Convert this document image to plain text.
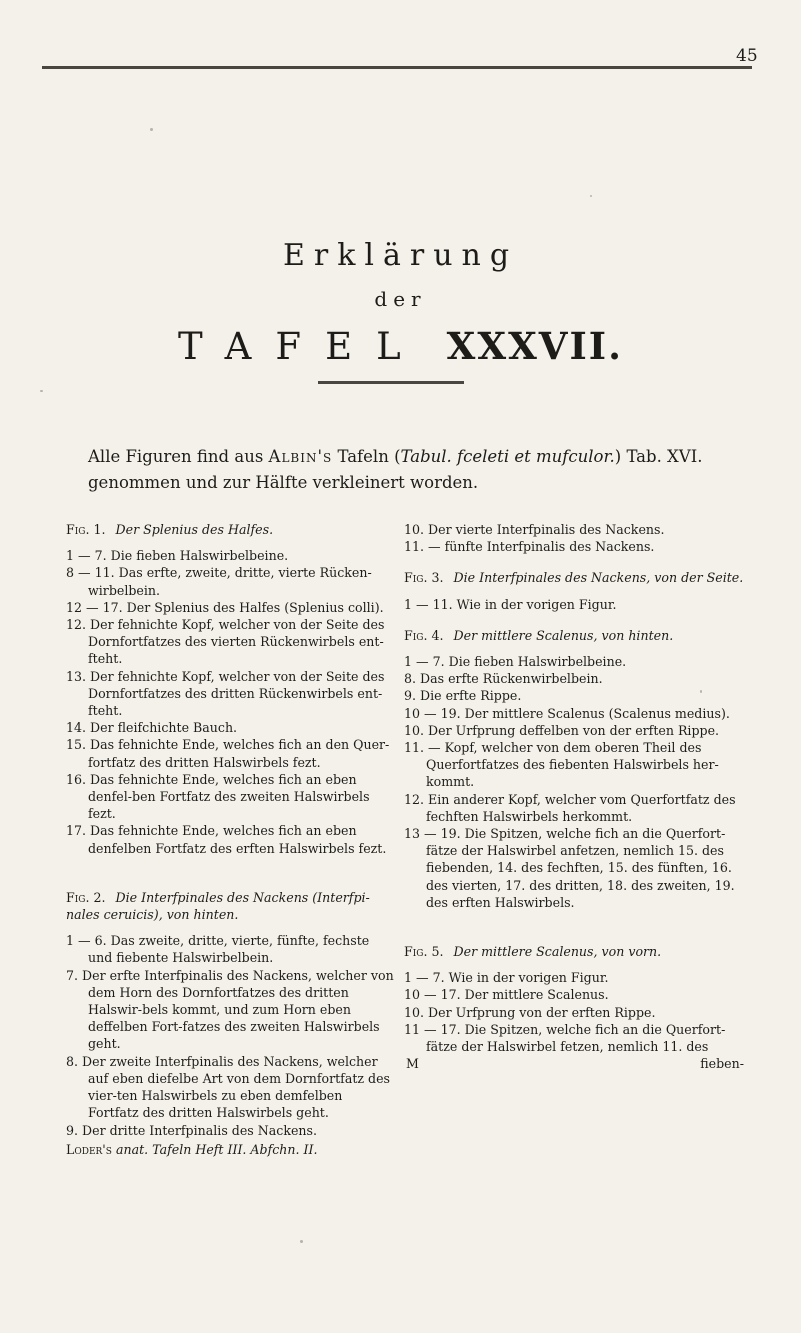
45
Erklärung
der
TAFEL XXXVII.

Alle Figuren find aus Albin's Tafeln (Tabul. fceleti et mufculor.) Tab. XVI. genommen und zur Hälfte verkleinert worden.

Fig. 1. Der Splenius des Halfes.

1 — 7. Die fieben Halswirbelbeine.

8 — 11. Das erfte, zweite, dritte, vierte Rücken-wirbelbein.

12 — 17. Der Splenius des Halfes (Splenius colli).

12. Der fehnichte Kopf, welcher von der Seite des Dornfortfatzes des vierten Rückenwirbels ent-fteht.

13. Der fehnichte Kopf, welcher von der Seite des Dornfortfatzes des dritten Rückenwirbels ent-fteht.

14. Der fleifchichte Bauch.

15. Das fehnichte Ende, welches fich an den Quer-fortfatz des dritten Halswirbels fezt.

16. Das fehnichte Ende, welches fich an eben denfel-ben Fortfatz des zweiten Halswirbels fezt.

17. Das fehnichte Ende, welches fich an eben denfelben Fortfatz des erften Halswirbels fezt.

Fig. 2. Die Interfpinales des Nackens (Interfpi-nales ceruicis), von hinten.

1 — 6. Das zweite, dritte, vierte, fünfte, fechste und fiebente Halswirbelbein.

7. Der erfte Interfpinalis des Nackens, welcher von dem Horn des Dornfortfatzes des dritten Halswir-bels kommt, und zum Horn eben deffelben Fort-fatzes des zweiten Halswirbels geht.

8. Der zweite Interfpinalis des Nackens, welcher auf eben diefelbe Art von dem Dornfortfatz des vier-ten Halswirbels zu eben demfelben Fortfatz des dritten Halswirbels geht.

9. Der dritte Interfpinalis des Nackens.

Loder's anat. Tafeln Heft III. Abfchn. II.

10. Der vierte Interfpinalis des Nackens.

11. — fünfte Interfpinalis des Nackens.

Fig. 3. Die Interfpinales des Nackens, von der Seite.

1 — 11. Wie in der vorigen Figur.

Fig. 4. Der mittlere Scalenus, von hinten.

1 — 7. Die fieben Halswirbelbeine.

8. Das erfte Rückenwirbelbein.

9. Die erfte Rippe.

10 — 19. Der mittlere Scalenus (Scalenus medius).

10. Der Urfprung deffelben von der erften Rippe.

11. — Kopf, welcher von dem oberen Theil des Querfortfatzes des fiebenten Halswirbels her-kommt.

12. Ein anderer Kopf, welcher vom Querfortfatz des fechften Halswirbels herkommt.

13 — 19. Die Spitzen, welche fich an die Querfort-fätze der Halswirbel anfetzen, nemlich 15. des fiebenden, 14. des fechften, 15. des fünften, 16. des vierten, 17. des dritten, 18. des zweiten, 19. des erften Halswirbels.

Fig. 5. Der mittlere Scalenus, von vorn.

1 — 7. Wie in der vorigen Figur.

10 — 17. Der mittlere Scalenus.

10. Der Urfprung von der erften Rippe.

11 — 17. Die Spitzen, welche fich an die Querfort-fätze der Halswirbel fetzen, nemlich 11. des

M	fieben-
